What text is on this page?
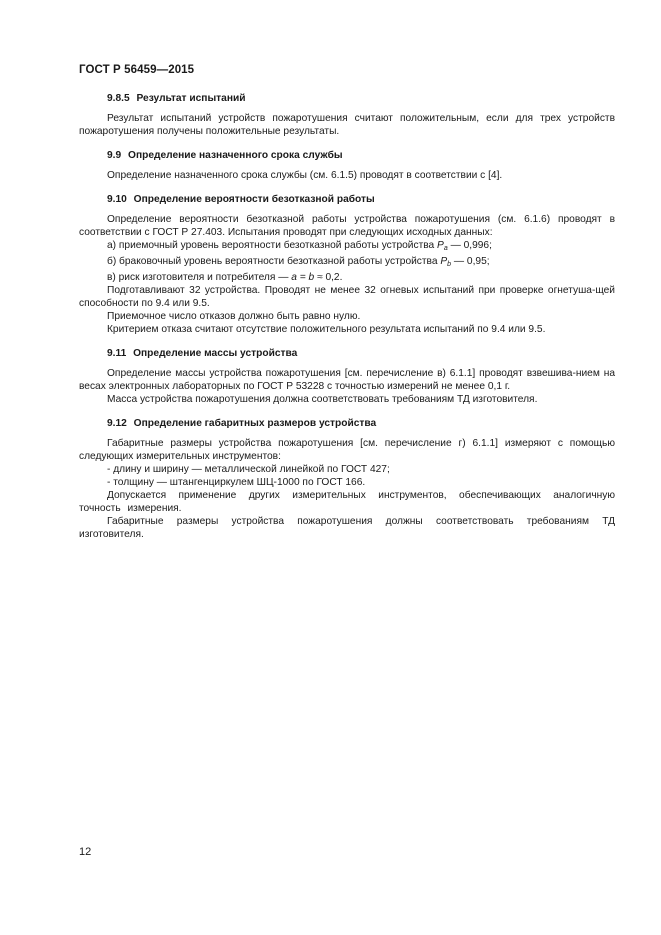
ГОСТ Р 56459—2015
9.8.5 Результат испытаний

Результат испытаний устройств пожаротушения считают положительным, если для трех устройств пожаротушения получены положительные результаты.

9.9 Определение назначенного срока службы

Определение назначенного срока службы (см. 6.1.5) проводят в соответствии с [4].

9.10 Определение вероятности безотказной работы

Определение вероятности безотказной работы устройства пожаротушения (см. 6.1.6) проводят в соответствии с ГОСТ Р 27.403. Испытания проводят при следующих исходных данных:

а) приемочный уровень вероятности безотказной работы устройства $P_a$ — 0,996;

б) браковочный уровень вероятности безотказной работы устройства $P_b$ — 0,95;

в) риск изготовителя и потребителя — a = b ≈ 0,2.

Подготавливают 32 устройства. Проводят не менее 32 огневых испытаний при проверке огнетуша-щей способности по 9.4 или 9.5.

Приемочное число отказов должно быть равно нулю.

Критерием отказа считают отсутствие положительного результата испытаний по 9.4 или 9.5.

9.11 Определение массы устройства

Определение массы устройства пожаротушения [см. перечисление в) 6.1.1] проводят взвешива-нием на весах электронных лабораторных по ГОСТ Р 53228 с точностью измерений не менее 0,1 г.

Масса устройства пожаротушения должна соответствовать требованиям ТД изготовителя.

9.12 Определение габаритных размеров устройства

Габаритные размеры устройства пожаротушения [см. перечисление г) 6.1.1] измеряют с помощью следующих измерительных инструментов:

- длину и ширину — металлической линейкой по ГОСТ 427;

- толщину — штангенциркулем ШЦ-1000 по ГОСТ 166.

Допускается применение других измерительных инструментов, обеспечивающих аналогичную точность измерения.

Габаритные размеры устройства пожаротушения должны соответствовать требованиям ТД изготовителя.

12
